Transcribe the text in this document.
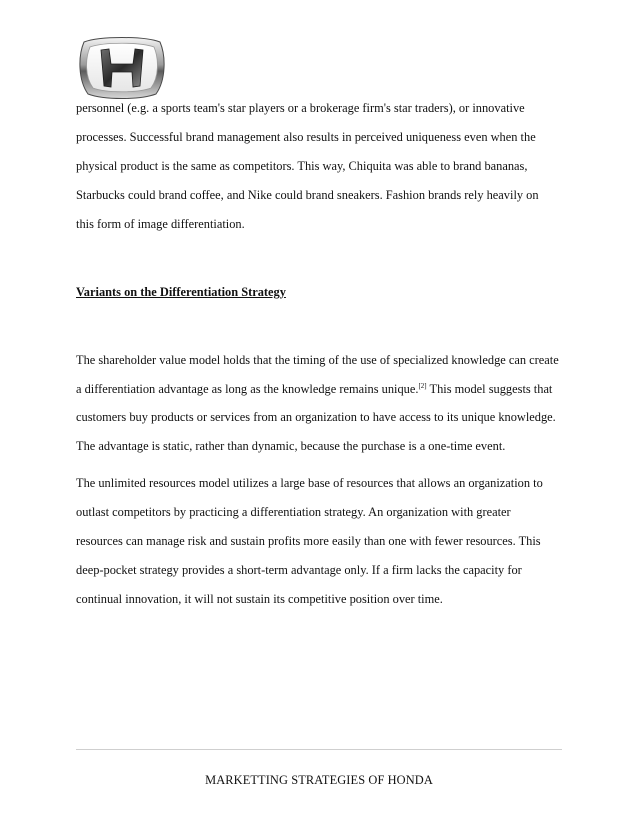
personnel (e.g. a sports team's star players or a brokerage firm's star traders), or innovative
processes. Successful brand management also results in perceived uniqueness even when the
physical product is the same as competitors. This way, Chiquita was able to brand bananas,
Starbucks could brand coffee, and Nike could brand sneakers. Fashion brands rely heavily on
this form of image differentiation.
Variants on the Differentiation Strategy
The shareholder value model holds that the timing of the use of specialized knowledge can create
a differentiation advantage as long as the knowledge remains unique.[2] This model suggests that
customers buy products or services from an organization to have access to its unique knowledge.
The advantage is static, rather than dynamic, because the purchase is a one-time event.
The unlimited resources model utilizes a large base of resources that allows an organization to
outlast competitors by practicing a differentiation strategy. An organization with greater
resources can manage risk and sustain profits more easily than one with fewer resources. This
deep-pocket strategy provides a short-term advantage only. If a firm lacks the capacity for
continual innovation, it will not sustain its competitive position over time.
MARKETTING STRATEGIES OF HONDA
